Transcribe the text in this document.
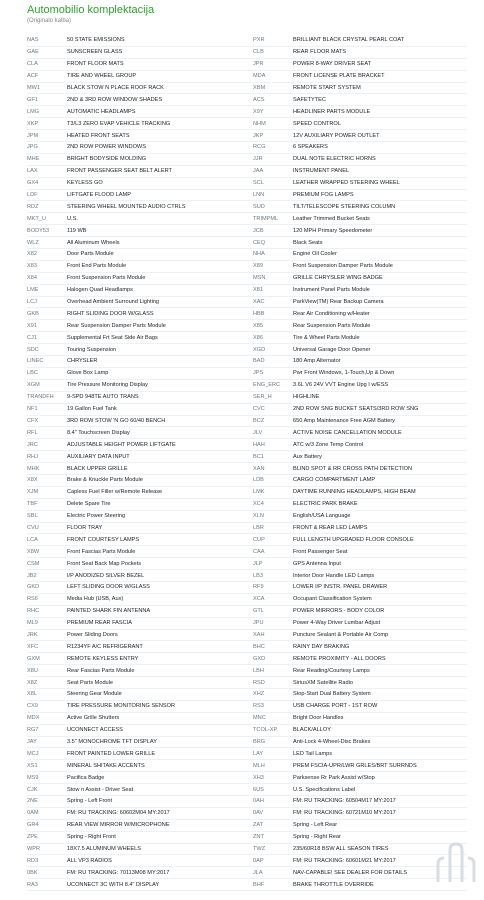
Automobilio komplektacija
(Originalo kalba)
NAS	50 STATE EMISSIONS	PXR	BRILLIANT BLACK CRYSTAL PEARL COAT
GAE	SUNSCREEN GLASS	CLB	REAR FLOOR MATS
CLA	FRONT FLOOR MATS	JPR	POWER 8-WAY DRIVER SEAT
ACF	TIRE AND WHEEL GROUP	MDA	FRONT LICENSE PLATE BRACKET
MW1	BLACK STOW N PLACE ROOF RACK	XBM	REMOTE START SYSTEM
GF1	2ND & 3RD ROW WINDOW SHADES	ACS	SAFETYTEC
LMG	AUTOMATIC HEADLAMPS	X9Y	HEADLINER PARTS MODULE
XKP	T3/L3 ZERO EVAP VEHICLE TRACKING	NHM	SPEED CONTROL
JPM	HEATED FRONT SEATS	JKP	12V AUXILIARY POWER OUTLET
JPG	2ND ROW POWER WINDOWS	RCG	6 SPEAKERS
MHE	BRIGHT BODYSIDE MOLDING	JJR	DUAL NOTE ELECTRIC HORNS
LAX	FRONT PASSENGER SEAT BELT ALERT	JAA	INSTRUMENT PANEL
GX4	KEYLESS GO	SCL	LEATHER WRAPPED STEERING WHEEL
LDF	LIFTGATE FLOOD LAMP	LNN	PREMIUM FOG LAMPS
RDZ	STEERING WHEEL MOUNTED AUDIO CTRLS	SUD	TILT/TELESCOPE STEERING COLUMN
MKT_U	U.S.	TRIMPML	Leather Trimmed Bucket Seats
BODY53	119 WB	JCB	120 MPH Primary Speedometer
WLZ	All Aluminum Wheels	CEQ	Black Seats
X82	Door Parts Module	NHA	Engine Oil Cooler
X83	Front End Parts Module	X89	Front Suspension Damper Parts Module
X84	Front Suspension Parts Module	MSN	GRILLE CHRYSLER WING BADGE
LME	Halogen Quad Headlamps	X81	Instrument Panel Parts Module
LCJ	Overhead Ambient Surround Lighting	XAC	ParkView(TM) Rear Backup Camera
GKB	RIGHT SLIDING DOOR W/GLASS	HBB	Rear Air Conditioning w/Heater
X91	Rear Suspension Damper Parts Module	X85	Rear Suspension Parts Module
CJ1	Supplemental Frt Seat Side Air Bags	X86	Tire & Wheel Parts Module
SDC	Touring Suspension	XGD	Universal Garage Door Opener
LINEC	CHRYSLER	BAD	180 Amp Alternator
LBC	Glove Box Lamp	JPS	Pwr Front Windows, 1-Touch,Up & Down
XGM	Tire Pressure Monitoring Display	ENG_ERC	3.6L V6 24V VVT Engine Upg I w/ESS
TRANDFH	9-SPD 948TE AUTO TRANS	SER_H	HIGHLINE
NF1	19 Gallon Fuel Tank	CVC	2ND ROW SNG BUCKET SEATS/3RD ROW SNG
CFX	3RD ROW STOW 'N GO 60/40 BENCH	BCZ	650 Amp Maintenance Free AGM Battery
RFL	8.4" Touchscreen Display	JLV	ACTIVE NOISE CANCELLATION MODULE
JRC	ADJUSTABLE HEIGHT POWER LIFTGATE	HAH	ATC w/3 Zone Temp Control
RHJ	AUXILIARY DATA INPUT	BC1	Aux Battery
MHK	BLACK UPPER GRILLE	XAN	BLIND SPOT & RR CROSS PATH DETECTION
X8X	Brake & Knuckle Parts Module	LDB	CARGO COMPARTMENT LAMP
XJM	Capless Fuel Filler w/Remote Release	LMK	DAYTIME RUNNING HEADLAMPS, HIGH BEAM
TBF	Delete Spare Tire	XC4	ELECTRIC PARK BRAKE
SBL	Electric Power Steering	XLN	English/USA Language
CVU	FLOOR TRAY	LBR	FRONT & REAR LED LAMPS
LCA	FRONT COURTESY LAMPS	CUP	FULL LENGTH UPGRADED FLOOR CONSOLE
X8W	Front Fascias Parts Module	CAA	Front Passenger Seat
CSM	Front Seat Back Map Pockets	JLP	GPS Antenna Input
JB2	I/P ANODIZED SILVER BEZEL	LB3	Interior Door Handle LED Lamps
GKD	LEFT SLIDING DOOR W/GLASS	RF9	LOWER I/P INSTR. PANEL DRAWER
RS6	Media Hub (USB, Aux)	XCA	Occupant Classification System
RHC	PAINTED SHARK FIN ANTENNA	GTL	POWER MIRRORS - BODY COLOR
ML9	PREMIUM REAR FASCIA	JPU	Power 4-Way Driver Lumbar Adjust
JRK	Power Sliding Doors	XAH	Puncture Sealant & Portable Air Comp
XFC	R1234YF A/C REFRIGERANT	BHC	RAINY DAY BRAKING
GXM	REMOTE KEYLESS ENTRY	GXD	REMOTE PROXIMITY - ALL DOORS
X8U	Rear Fascias Parts Module	LBH	Rear Reading/Courtesy Lamps
X8Z	Seat Parts Module	RSD	SiriusXM Satellite Radio
X8L	Steering Gear Module	XHZ	Stop-Start Dual Battery System
CX9	TIRE PRESSURE MONITORING SENSOR	RS3	USB CHARGE PORT - 1ST ROW
MDX	Active Grille Shutters	MNC	Bright Door Handles
RG7	UCONNECT ACCESS	TCOL-XP	BLACK/ALLOY
JAY	3.5" MONOCHROME TFT DISPLAY	BRG	Anti-Lock 4-Wheel-Disc Brakes
MCJ	FRONT PAINTED LOWER GRILLE	LAY	LED Tail Lamps
XS1	MINERAL SHITAKE ACCENTS	MLH	PREM FSCIA-UPR/LWR GRLES/BRT SURRNDS
MS9	Pacifica Badge	XH3	Parksense Rr Park Assist w/Stop
CJK	Stow n Assist - Driver Seat	6US	U.S. Specifications Label
2NE	Spring - Left Front	0AH	FM: RU TRACKING: 60504M17 MY:2017
0AM	FM: RU TRACKING: 60602M04 MY:2017	0AV	FM: RU TRACKING: 60721M10 MY:2017
GR4	REAR VIEW MIRROR W/MICROPHONE	ZAT	Spring - Left Rear
ZPE	Spring - Right Front	ZNT	Spring - Right Rear
WPR	18X7.5 ALUMINUM WHEELS	TWZ	235/60R18 BSW ALL SEASON TIRES
RD3	ALL VP3 RADIOS	0AP	FM: RU TRACKING: 60601M21 MY:2017
0BK	FM: RU TRACKING: 70113M08 MY:2017	JLA	NAV-CAPABLE! SEE DEALER FOR DETAILS
RA3	UCONNECT 3C WITH 8.4" DISPLAY	BHF	BRAKE THROTTLE OVERRIDE
